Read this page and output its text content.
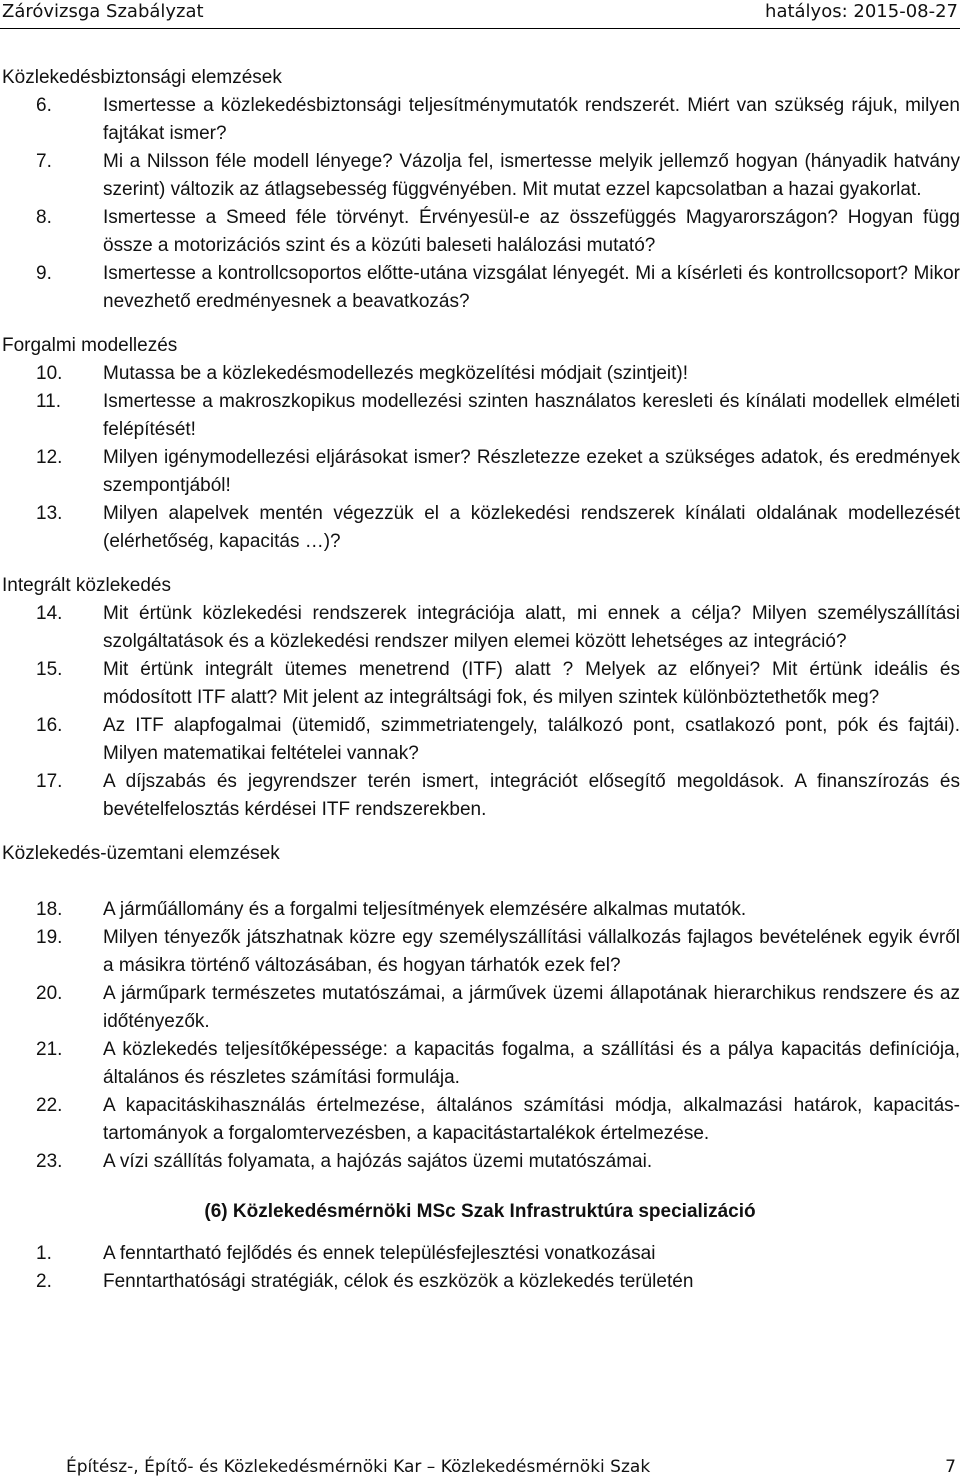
Záróvizsga Szabályzat	hatályos: 2015-08-27
Közlekedésbiztonsági elemzések
6.	Ismertesse a közlekedésbiztonsági teljesítménymutatók rendszerét. Miért van szükség rájuk, milyen fajtákat ismer?
7.	Mi a Nilsson féle modell lényege? Vázolja fel, ismertesse melyik jellemző hogyan (hányadik hatvány szerint) változik az átlagsebesség függvényében. Mit mutat ezzel kapcsolatban a hazai gyakorlat.
8.	Ismertesse a Smeed féle törvényt. Érvényesül-e az összefüggés Magyarországon? Hogyan függ össze a motorizációs szint és a közúti baleseti halálozási mutató?
9.	Ismertesse a kontrollcsoportos előtte-utána vizsgálat lényegét. Mi a kísérleti és kontrollcsoport? Mikor nevezhető eredményesnek a beavatkozás?
Forgalmi modellezés
10.	Mutassa be a közlekedésmodellezés megközelítési módjait (szintjeit)!
11.	Ismertesse a makroszkopikus modellezési szinten használatos keresleti és kínálati modellek elméleti felépítését!
12.	Milyen igénymodellezési eljárásokat ismer? Részletezze ezeket a szükséges adatok, és eredmények szempontjából!
13.	Milyen alapelvek mentén végezzük el a közlekedési rendszerek kínálati oldalának modellezését (elérhetőség, kapacitás …)?
Integrált közlekedés
14.	Mit értünk közlekedési rendszerek integrációja alatt, mi ennek a célja? Milyen személyszállítási szolgáltatások és a közlekedési rendszer milyen elemei között lehetséges az integráció?
15.	Mit értünk integrált ütemes menetrend (ITF) alatt ? Melyek az előnyei? Mit értünk ideális és módosított ITF alatt? Mit jelent az integráltsági fok, és milyen szintek különböztethetők meg?
16.	Az ITF alapfogalmai (ütemidő, szimmetriatengely, találkozó pont, csatlakozó pont, pók és fajtái). Milyen matematikai feltételei vannak?
17.	A díjszabás és jegyrendszer terén ismert, integrációt elősegítő megoldások. A finanszírozás és bevételfelosztás kérdései ITF rendszerekben.
Közlekedés-üzemtani elemzések
18.	A járműállomány és a forgalmi teljesítmények elemzésére alkalmas mutatók.
19.	Milyen tényezők játszhatnak közre egy személyszállítási vállalkozás fajlagos bevételének egyik évről a másikra történő változásában, és hogyan tárhatók ezek fel?
20.	A járműpark természetes mutatószámai, a járművek üzemi állapotának hierarchikus rendszere és az időtényezők.
21.	A közlekedés teljesítőképessége: a kapacitás fogalma, a szállítási és a pálya kapacitás definíciója, általános és részletes számítási formulája.
22.	A kapacitáskihasználás értelmezése, általános számítási módja, alkalmazási határok, kapacitás-tartományok a forgalomtervezésben, a kapacitástartalékok értelmezése.
23.	A vízi szállítás folyamata, a hajózás sajátos üzemi mutatószámai.
(6) Közlekedésmérnöki MSc Szak Infrastruktúra specializáció
1.	A fenntartható fejlődés és ennek településfejlesztési vonatkozásai
2.	Fenntarthatósági stratégiák, célok és eszközök a közlekedés területén
Építész-, Építő- és Közlekedésmérnöki Kar – Közlekedésmérnöki Szak	7
